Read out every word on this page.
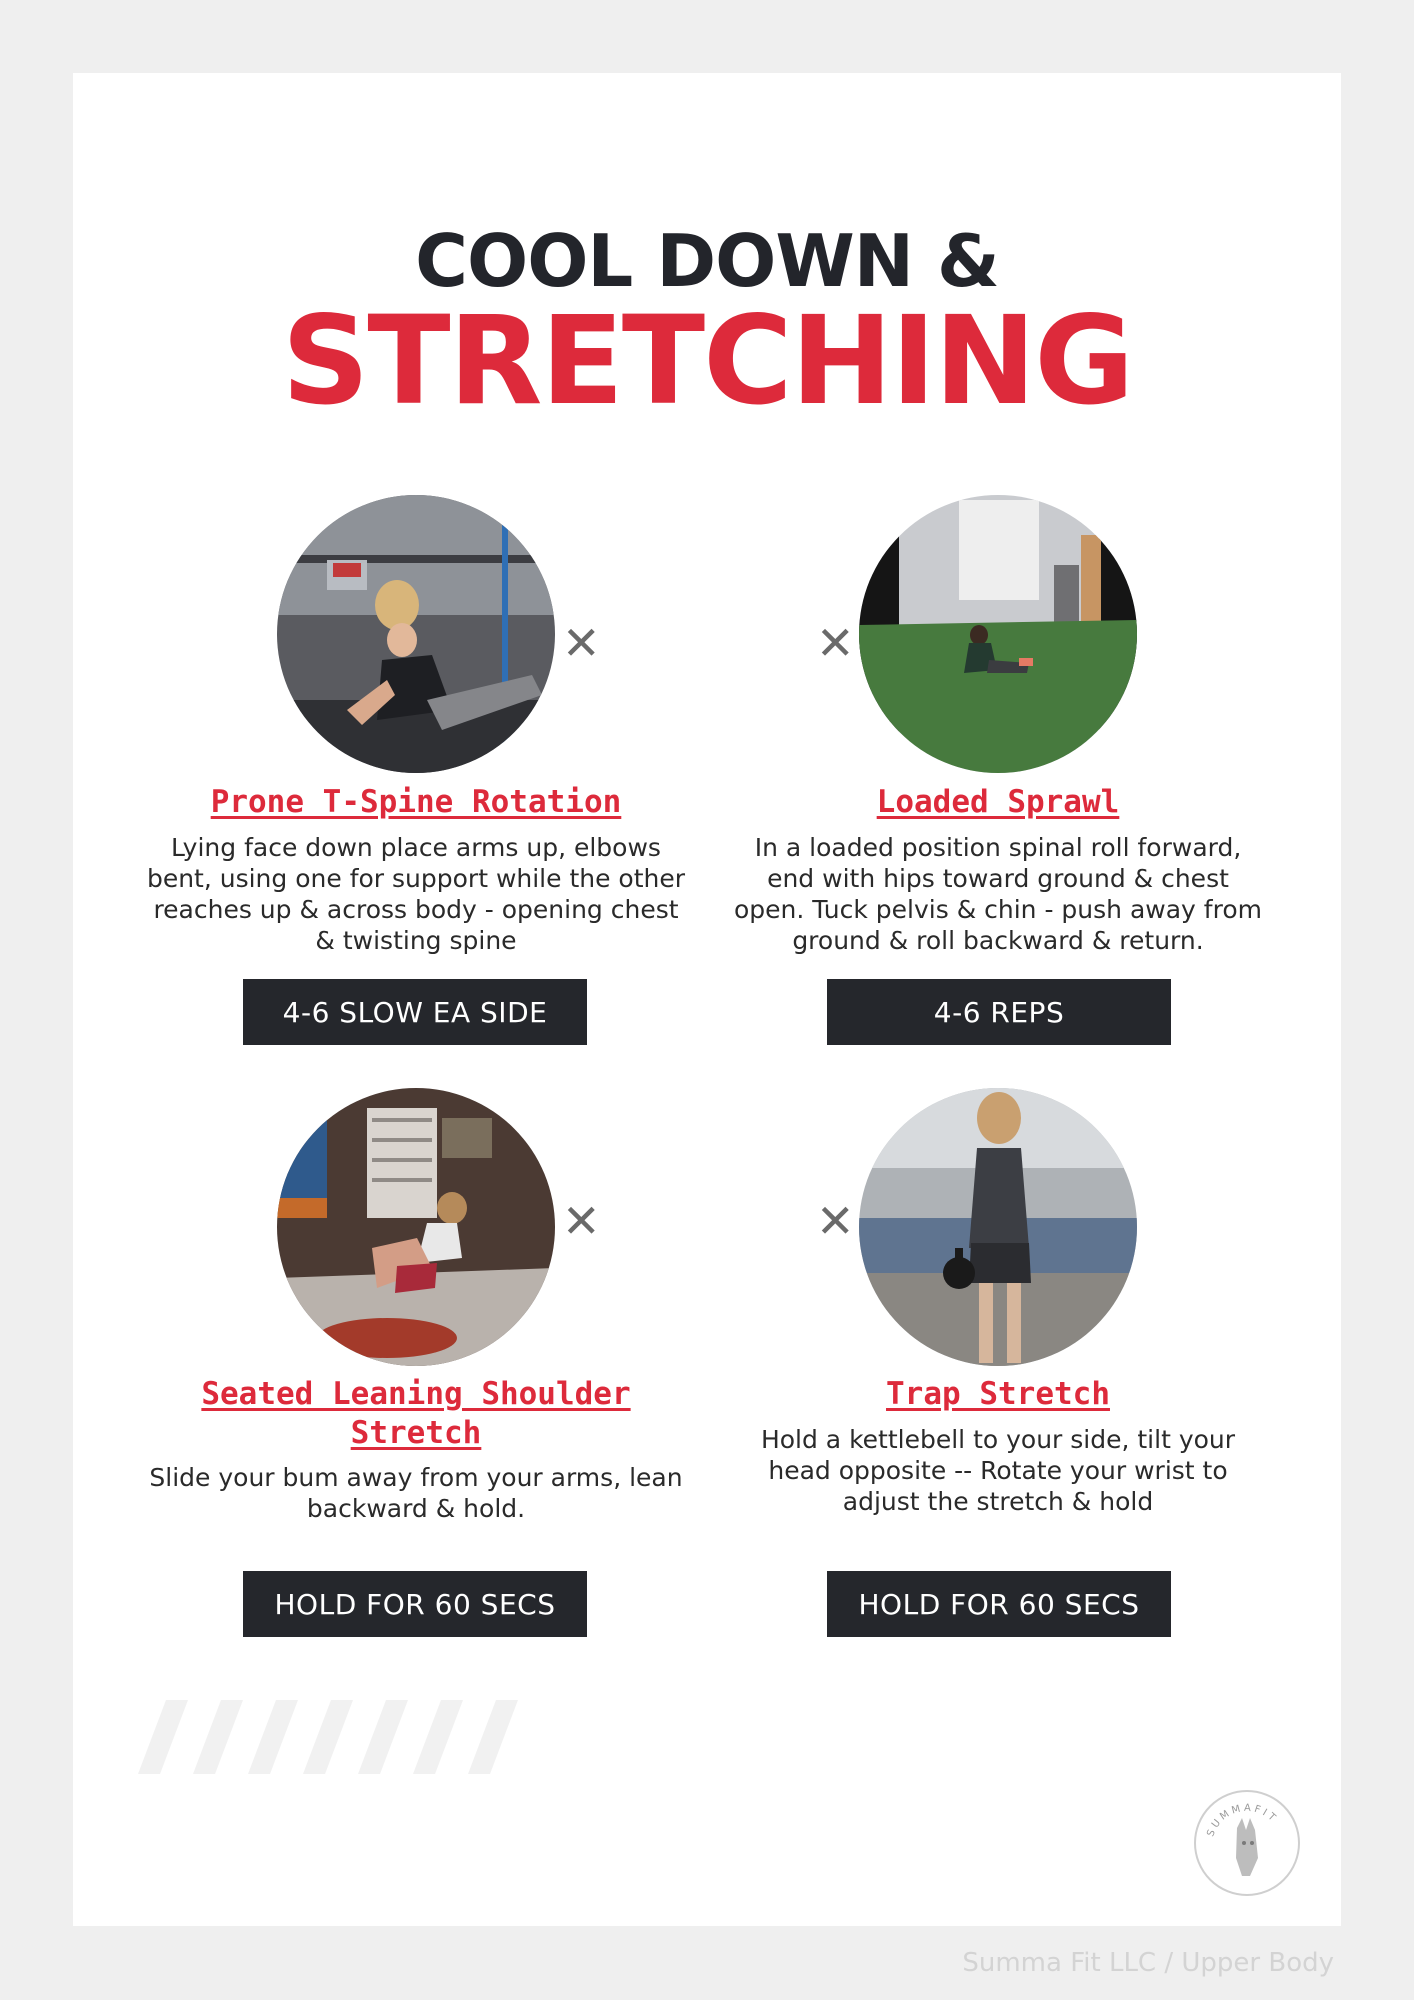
COOL DOWN &
STRETCHING
✕
Prone T-Spine Rotation
Lying face down place arms up, elbows bent, using one for support while the other reaches up & across body - opening chest & twisting spine
4-6 SLOW EA SIDE
✕
Loaded Sprawl
In a loaded position spinal roll forward, end with hips toward ground & chest open. Tuck pelvis & chin - push away from ground & roll backward & return.
4-6 REPS
✕
Seated Leaning Shoulder Stretch
Slide your bum away from your arms, lean backward & hold.
HOLD FOR 60 SECS
✕
Trap Stretch
Hold a kettlebell to your side, tilt your head opposite -- Rotate your wrist to adjust the stretch & hold
HOLD FOR 60 SECS
SUMMAFIT
Summa Fit LLC / Upper Body
